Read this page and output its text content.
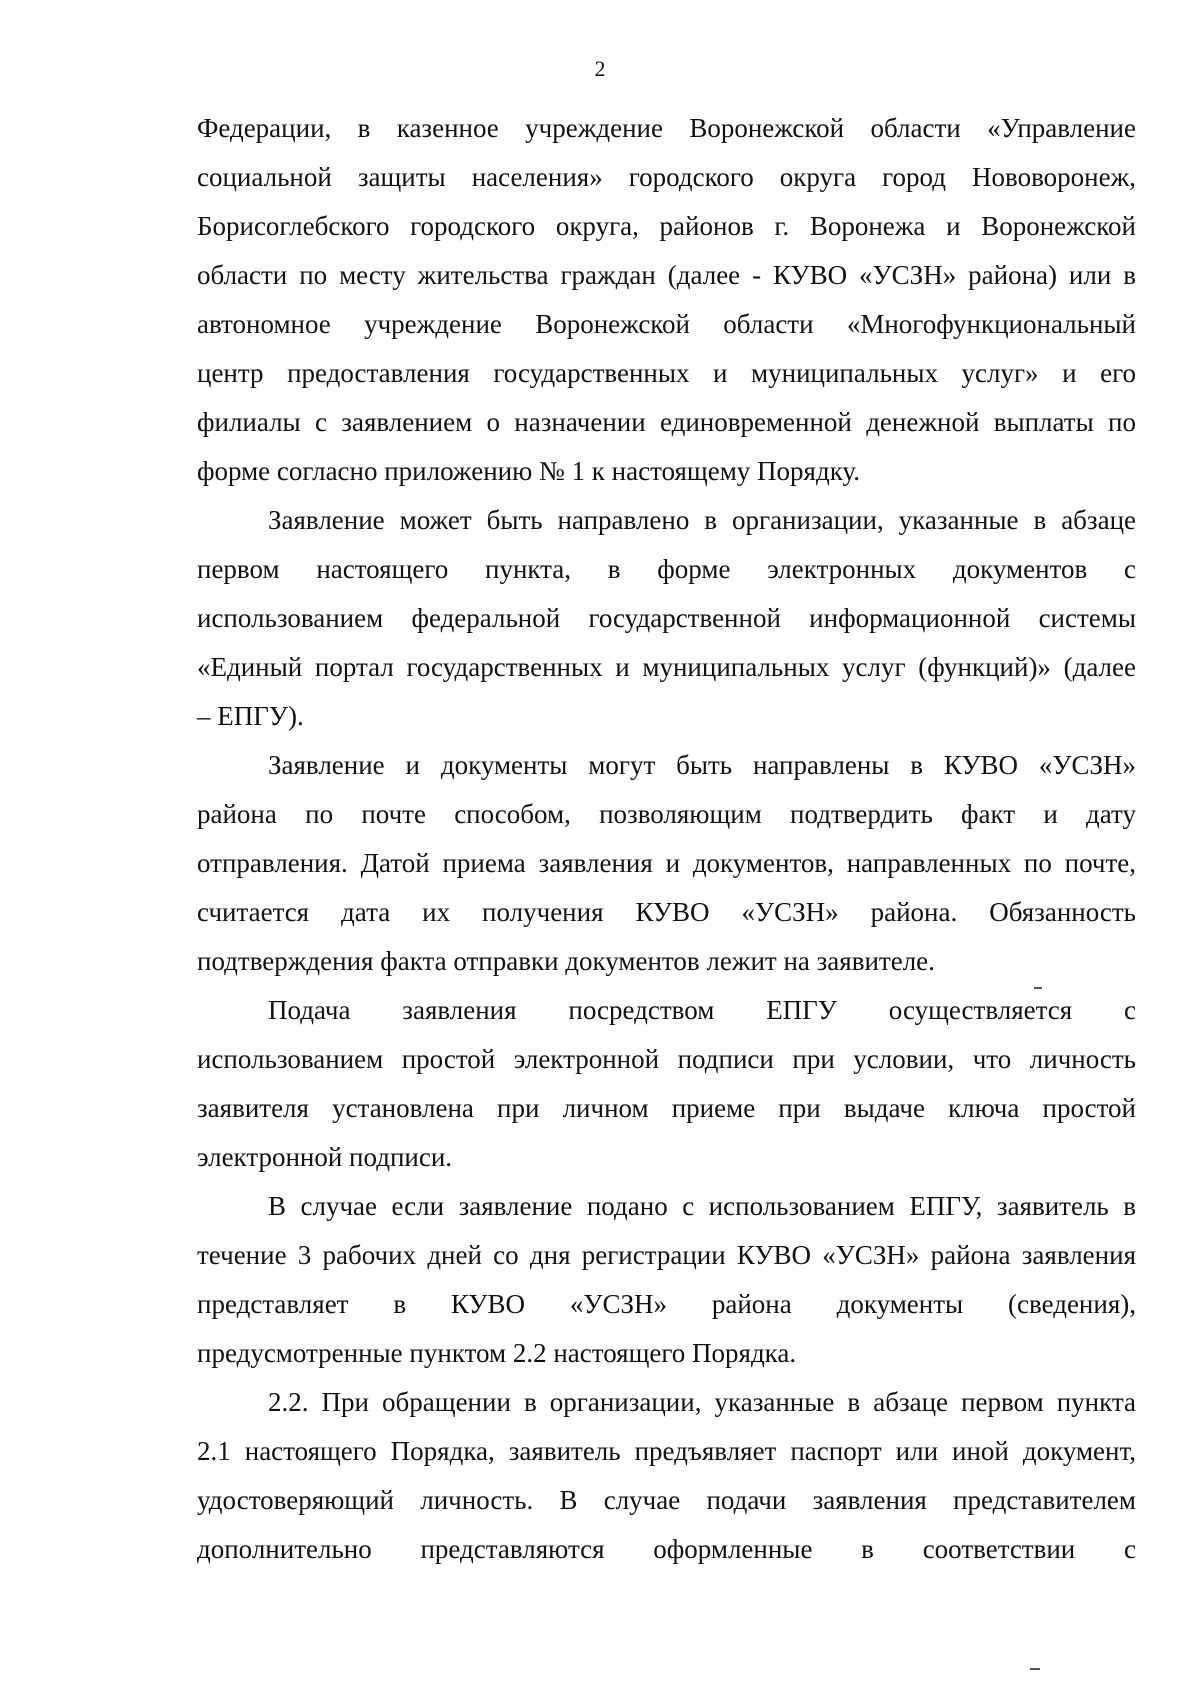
2
Федерации, в казенное учреждение Воронежской области «Управление
социальной защиты населения» городского округа город Нововоронеж,
Борисоглебского городского округа, районов г. Воронежа и Воронежской
области по месту жительства граждан (далее - КУВО «УСЗН» района) или в
автономное учреждение Воронежской области «Многофункциональный
центр предоставления государственных и муниципальных услуг» и его
филиалы с заявлением о назначении единовременной денежной выплаты по
форме согласно приложению № 1 к настоящему Порядку.
Заявление может быть направлено в организации, указанные в абзаце
первом настоящего пункта, в форме электронных документов с
использованием федеральной государственной информационной системы
«Единый портал государственных и муниципальных услуг (функций)» (далее
– ЕПГУ).
Заявление и документы могут быть направлены в КУВО «УСЗН»
района по почте способом, позволяющим подтвердить факт и дату
отправления. Датой приема заявления и документов, направленных по почте,
считается дата их получения КУВО «УСЗН» района. Обязанность
подтверждения факта отправки документов лежит на заявителе.
Подача заявления посредством ЕПГУ осуществляется с
использованием простой электронной подписи при условии, что личность
заявителя установлена при личном приеме при выдаче ключа простой
электронной подписи.
В случае если заявление подано с использованием ЕПГУ, заявитель в
течение 3 рабочих дней со дня регистрации КУВО «УСЗН» района заявления
представляет в КУВО «УСЗН» района документы (сведения),
предусмотренные пунктом 2.2 настоящего Порядка.
2.2. При обращении в организации, указанные в абзаце первом пункта
2.1 настоящего Порядка, заявитель предъявляет паспорт или иной документ,
удостоверяющий личность. В случае подачи заявления представителем
дополнительно представляются оформленные в соответствии с
